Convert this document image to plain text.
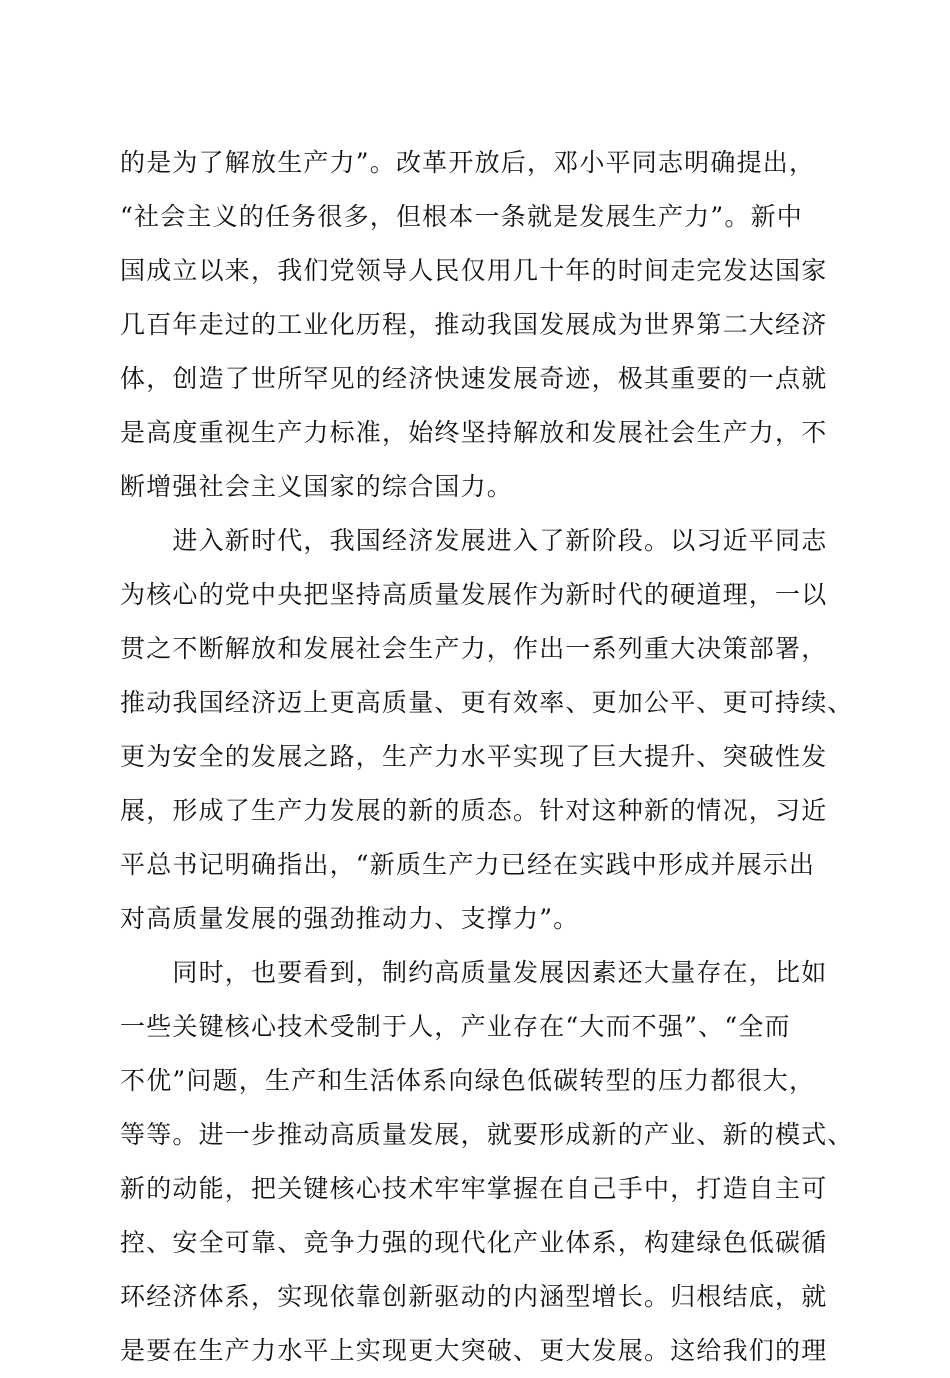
的是为了解放生产力”。改革开放后，邓小平同志明确提出，
“社会主义的任务很多，但根本一条就是发展生产力”。新中
国成立以来，我们党领导人民仅用几十年的时间走完发达国家
几百年走过的工业化历程，推动我国发展成为世界第二大经济
体，创造了世所罕见的经济快速发展奇迹，极其重要的一点就
是高度重视生产力标准，始终坚持解放和发展社会生产力，不
断增强社会主义国家的综合国力。
　　进入新时代，我国经济发展进入了新阶段。以习近平同志
为核心的党中央把坚持高质量发展作为新时代的硬道理，一以
贯之不断解放和发展社会生产力，作出一系列重大决策部署，
推动我国经济迈上更高质量、更有效率、更加公平、更可持续、
更为安全的发展之路，生产力水平实现了巨大提升、突破性发
展，形成了生产力发展的新的质态。针对这种新的情况，习近
平总书记明确指出，“新质生产力已经在实践中形成并展示出
对高质量发展的强劲推动力、支撑力”。
　　同时，也要看到，制约高质量发展因素还大量存在，比如
一些关键核心技术受制于人，产业存在“大而不强”、“全而
不优”问题，生产和生活体系向绿色低碳转型的压力都很大，
等等。进一步推动高质量发展，就要形成新的产业、新的模式、
新的动能，把关键核心技术牢牢掌握在自己手中，打造自主可
控、安全可靠、竞争力强的现代化产业体系，构建绿色低碳循
环经济体系，实现依靠创新驱动的内涵型增长。归根结底，就
是要在生产力水平上实现更大突破、更大发展。这给我们的理
